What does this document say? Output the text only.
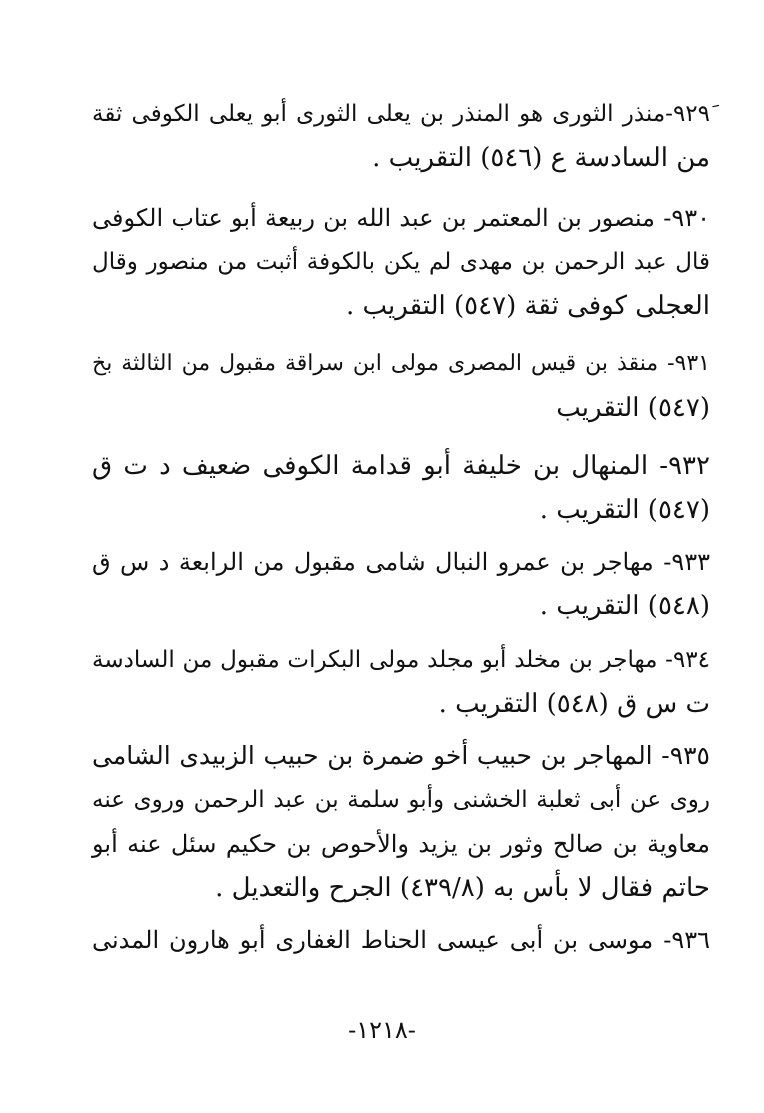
٩٢٩َ-منذر الثورى هو المنذر بن يعلى الثورى أبو يعلى الكوفى ثقة
من السادسة ع (٥٤٦) التقريب .
٩٣٠- منصور بن المعتمر بن عبد الله بن ربيعة أبو عتاب الكوفى
قال عبد الرحمن بن مهدى لم يكن بالكوفة أثبت من منصور وقال
العجلى كوفى ثقة (٥٤٧) التقريب .
٩٣١- منقذ بن قيس المصرى مولى ابن سراقة مقبول من الثالثة بخ
(٥٤٧) التقريب
٩٣٢- المنهال بن خليفة أبو قدامة الكوفى ضعيف د ت ق
(٥٤٧) التقريب .
٩٣٣- مهاجر بن عمرو النبال شامى مقبول من الرابعة د س ق
(٥٤٨) التقريب .
٩٣٤- مهاجر بن مخلد أبو مجلد مولى البكرات مقبول من السادسة
ت س ق (٥٤٨) التقريب .
٩٣٥- المهاجر بن حبيب أخو ضمرة بن حبيب الزبيدى الشامى
روى عن أبى ثعلبة الخشنى وأبو سلمة بن عبد الرحمن وروى عنه
معاوية بن صالح وثور بن يزيد والأحوص بن حكيم سئل عنه أبو
حاتم فقال لا بأس به (٤٣٩/٨) الجرح والتعديل .
٩٣٦- موسى بن أبى عيسى الحناط الغفارى أبو هارون المدنى
-١٢١٨-
